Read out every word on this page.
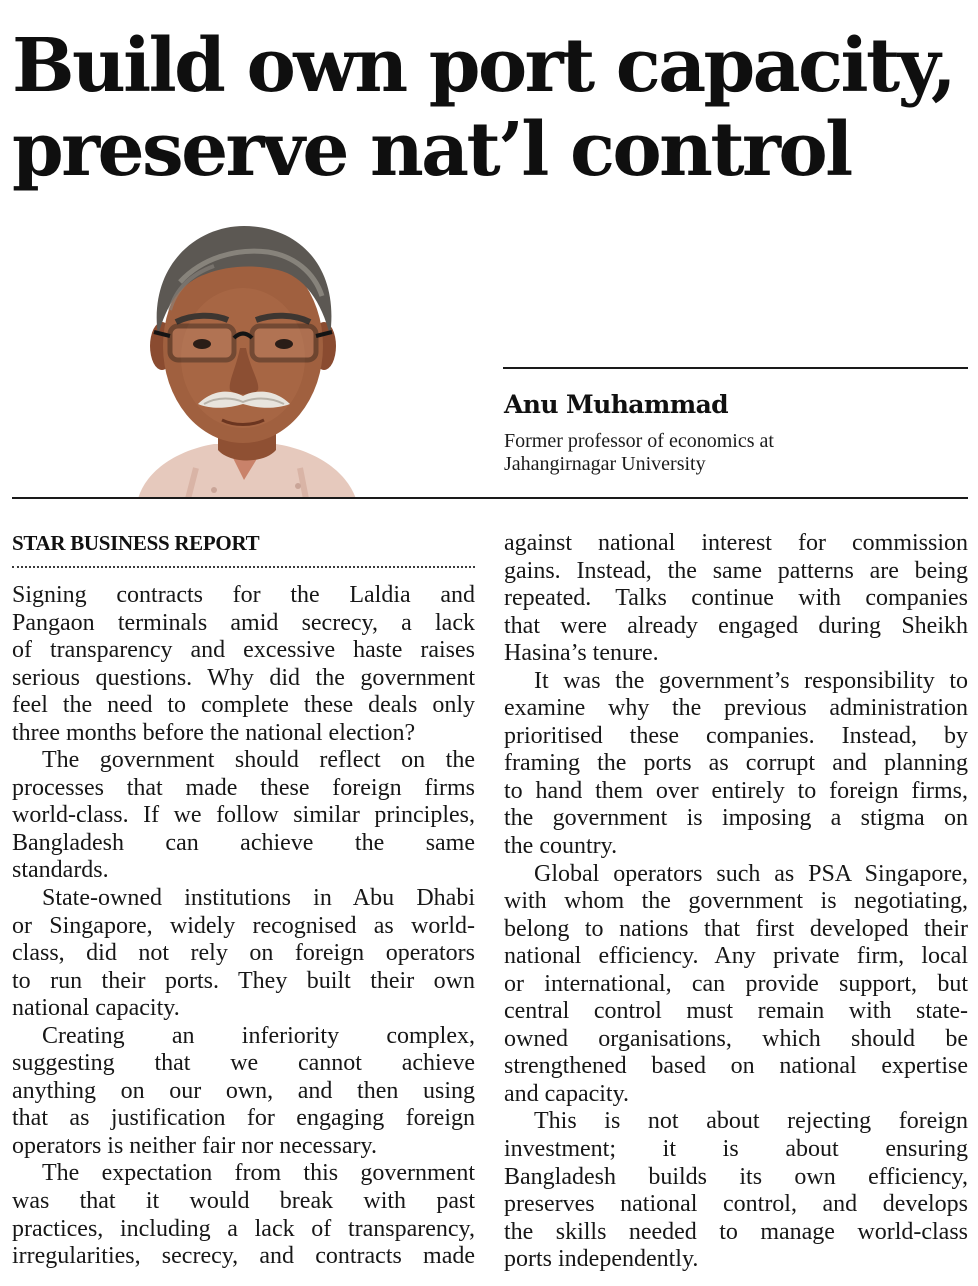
Build own port capacity,
preserve nat’l control
Anu Muhammad
Former professor of economics at
Jahangirnagar University
STAR BUSINESS REPORT
Signing contracts for the Laldia and
Pangaon terminals amid secrecy, a lack
of transparency and excessive haste raises
serious questions. Why did the government
feel the need to complete these deals only
three months before the national election?
The government should reflect on the
processes that made these foreign firms
world-class. If we follow similar principles,
Bangladesh can achieve the same
standards.
State-owned institutions in Abu Dhabi
or Singapore, widely recognised as world-
class, did not rely on foreign operators
to run their ports. They built their own
national capacity.
Creating an inferiority complex,
suggesting that we cannot achieve
anything on our own, and then using
that as justification for engaging foreign
operators is neither fair nor necessary.
The expectation from this government
was that it would break with past
practices, including a lack of transparency,
irregularities, secrecy, and contracts made
against national interest for commission
gains. Instead, the same patterns are being
repeated. Talks continue with companies
that were already engaged during Sheikh
Hasina’s tenure.
It was the government’s responsibility to
examine why the previous administration
prioritised these companies. Instead, by
framing the ports as corrupt and planning
to hand them over entirely to foreign firms,
the government is imposing a stigma on
the country.
Global operators such as PSA Singapore,
with whom the government is negotiating,
belong to nations that first developed their
national efficiency. Any private firm, local
or international, can provide support, but
central control must remain with state-
owned organisations, which should be
strengthened based on national expertise
and capacity.
This is not about rejecting foreign
investment; it is about ensuring
Bangladesh builds its own efficiency,
preserves national control, and develops
the skills needed to manage world-class
ports independently.
